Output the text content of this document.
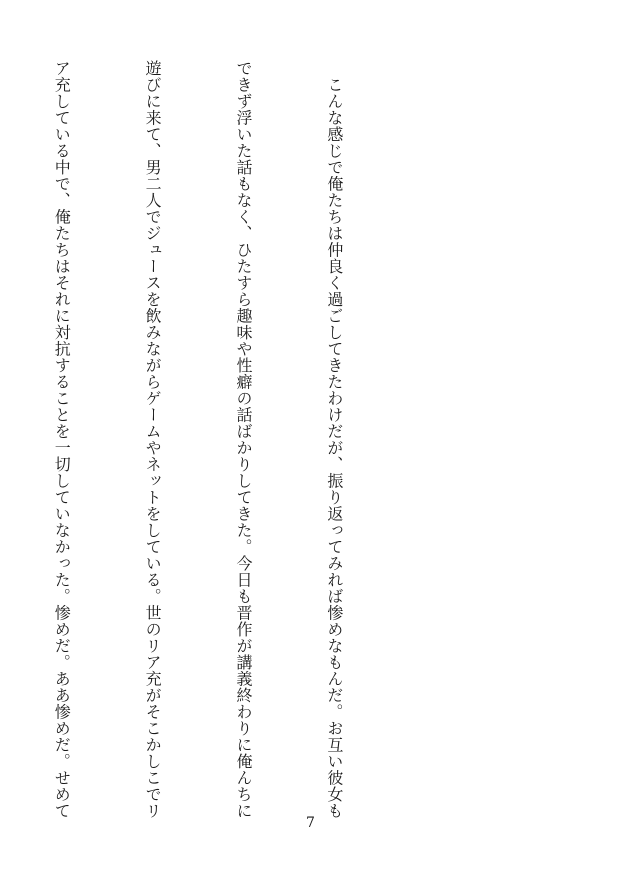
　こんな感じで俺たちは仲良く過ごしてきたわけだが、振り返ってみれば惨めなもんだ。お互い彼女も

できず浮いた話もなく、ひたすら趣味や性癖の話ばかりしてきた。今日も晋作が講義終わりに俺んちに

遊びに来て、男二人でジュースを飲みながらゲームやネットをしている。世のリア充がそこかしこでリ

ア充している中で、俺たちはそれに対抗することを一切していなかった。惨めだ。ああ惨めだ。せめて

7
